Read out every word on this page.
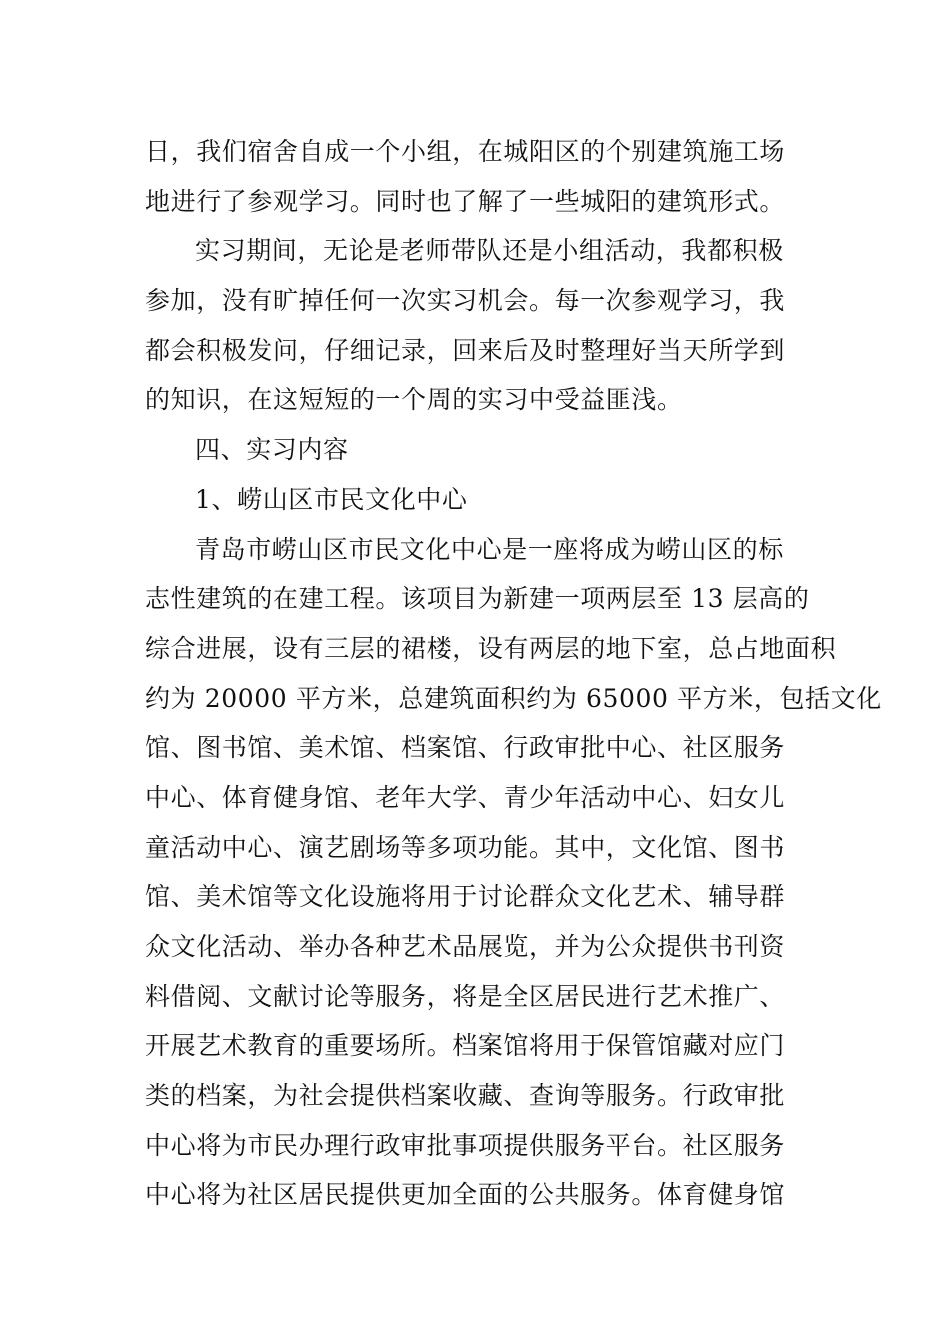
日，我们宿舍自成一个小组，在城阳区的个别建筑施工场
地进行了参观学习。同时也了解了一些城阳的建筑形式。
实习期间，无论是老师带队还是小组活动，我都积极
参加，没有旷掉任何一次实习机会。每一次参观学习，我
都会积极发问，仔细记录，回来后及时整理好当天所学到
的知识，在这短短的一个周的实习中受益匪浅。
四、实习内容
1、崂山区市民文化中心
青岛市崂山区市民文化中心是一座将成为崂山区的标
志性建筑的在建工程。该项目为新建一项两层至 13 层高的
综合进展，设有三层的裙楼，设有两层的地下室，总占地面积
约为 20000 平方米，总建筑面积约为 65000 平方米，包括文化
馆、图书馆、美术馆、档案馆、行政审批中心、社区服务
中心、体育健身馆、老年大学、青少年活动中心、妇女儿
童活动中心、演艺剧场等多项功能。其中，文化馆、图书
馆、美术馆等文化设施将用于讨论群众文化艺术、辅导群
众文化活动、举办各种艺术品展览，并为公众提供书刊资
料借阅、文献讨论等服务，将是全区居民进行艺术推广、
开展艺术教育的重要场所。档案馆将用于保管馆藏对应门
类的档案，为社会提供档案收藏、查询等服务。行政审批
中心将为市民办理行政审批事项提供服务平台。社区服务
中心将为社区居民提供更加全面的公共服务。体育健身馆
